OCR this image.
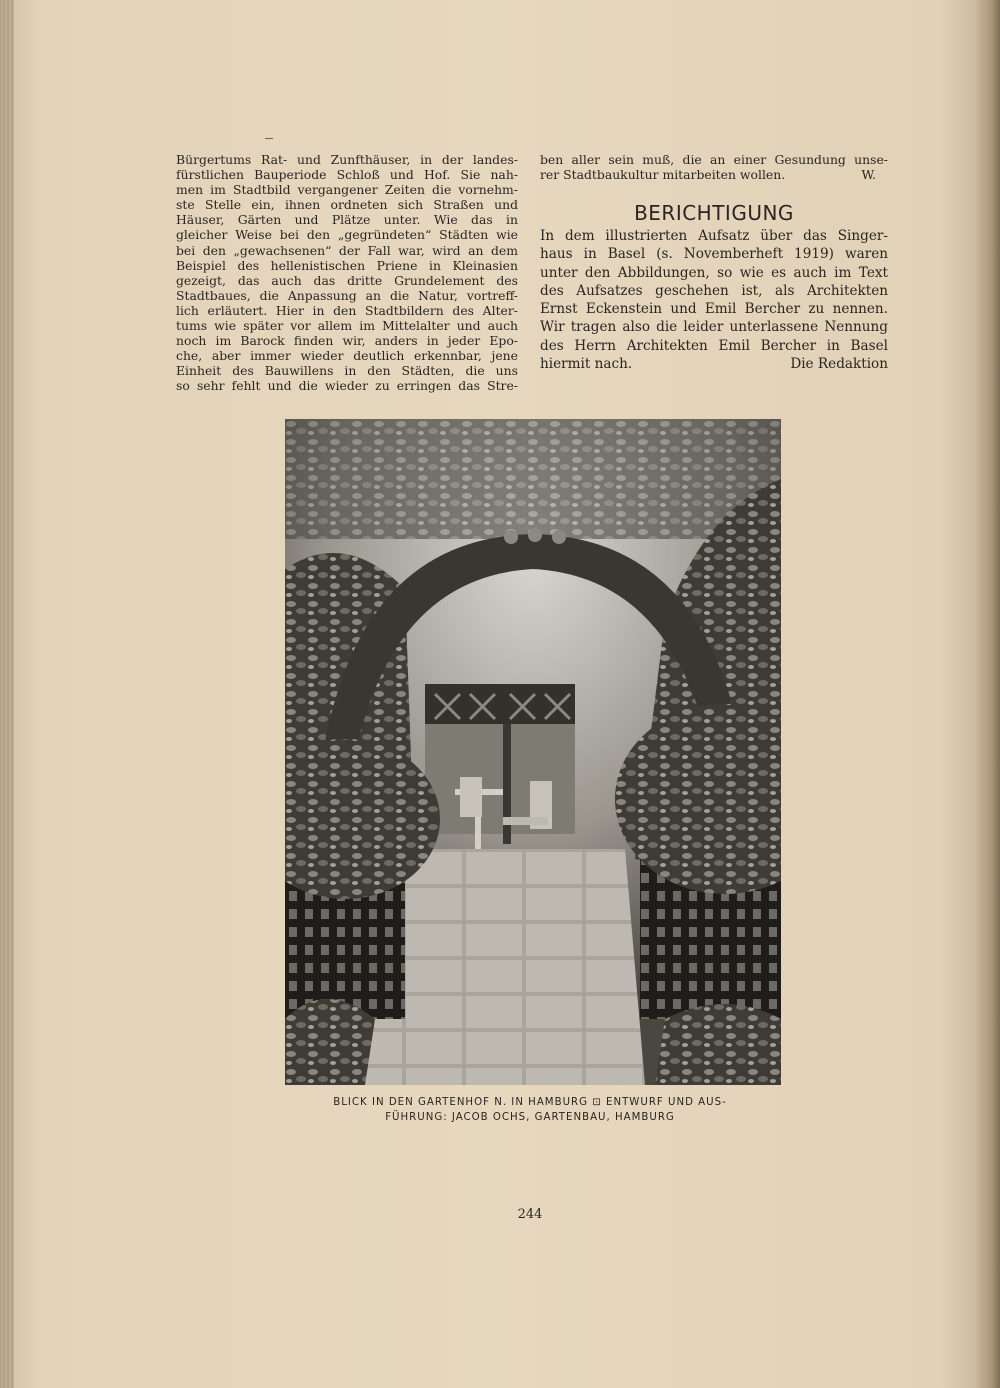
Bürgertums Rat- und Zunfthäuser, in der landes-
fürstlichen Bauperiode Schloß und Hof. Sie nah-
men im Stadtbild vergangener Zeiten die vornehm-
ste Stelle ein, ihnen ordneten sich Straßen und
Häuser, Gärten und Plätze unter. Wie das in
gleicher Weise bei den „gegründeten“ Städten wie
bei den „gewachsenen“ der Fall war, wird an dem
Beispiel des hellenistischen Priene in Kleinasien
gezeigt, das auch das dritte Grundelement des
Stadtbaues, die Anpassung an die Natur, vortreff-
lich erläutert. Hier in den Stadtbildern des Alter-
tums wie später vor allem im Mittelalter und auch
noch im Barock finden wir, anders in jeder Epo-
che, aber immer wieder deutlich erkennbar, jene
Einheit des Bauwillens in den Städten, die uns
so sehr fehlt und die wieder zu erringen das Stre-

ben aller sein muß, die an einer Gesundung unse-

rer Stadtbaukultur mitarbeiten wollen.	W.
BERICHTIGUNG

In dem illustrierten Aufsatz über das Singer-
haus in Basel (s. Novemberheft 1919) waren
unter den Abbildungen, so wie es auch im Text
des Aufsatzes geschehen ist, als Architekten
Ernst Eckenstein und Emil Bercher zu nennen.
Wir tragen also die leider unterlassene Nennung
des Herrn Architekten Emil Bercher in Basel

hiermit nach.	Die Redaktion
BLICK IN DEN GARTENHOF N. IN HAMBURG ⊡ ENTWURF UND AUS-
FÜHRUNG: JACOB OCHS, GARTENBAU, HAMBURG
244
